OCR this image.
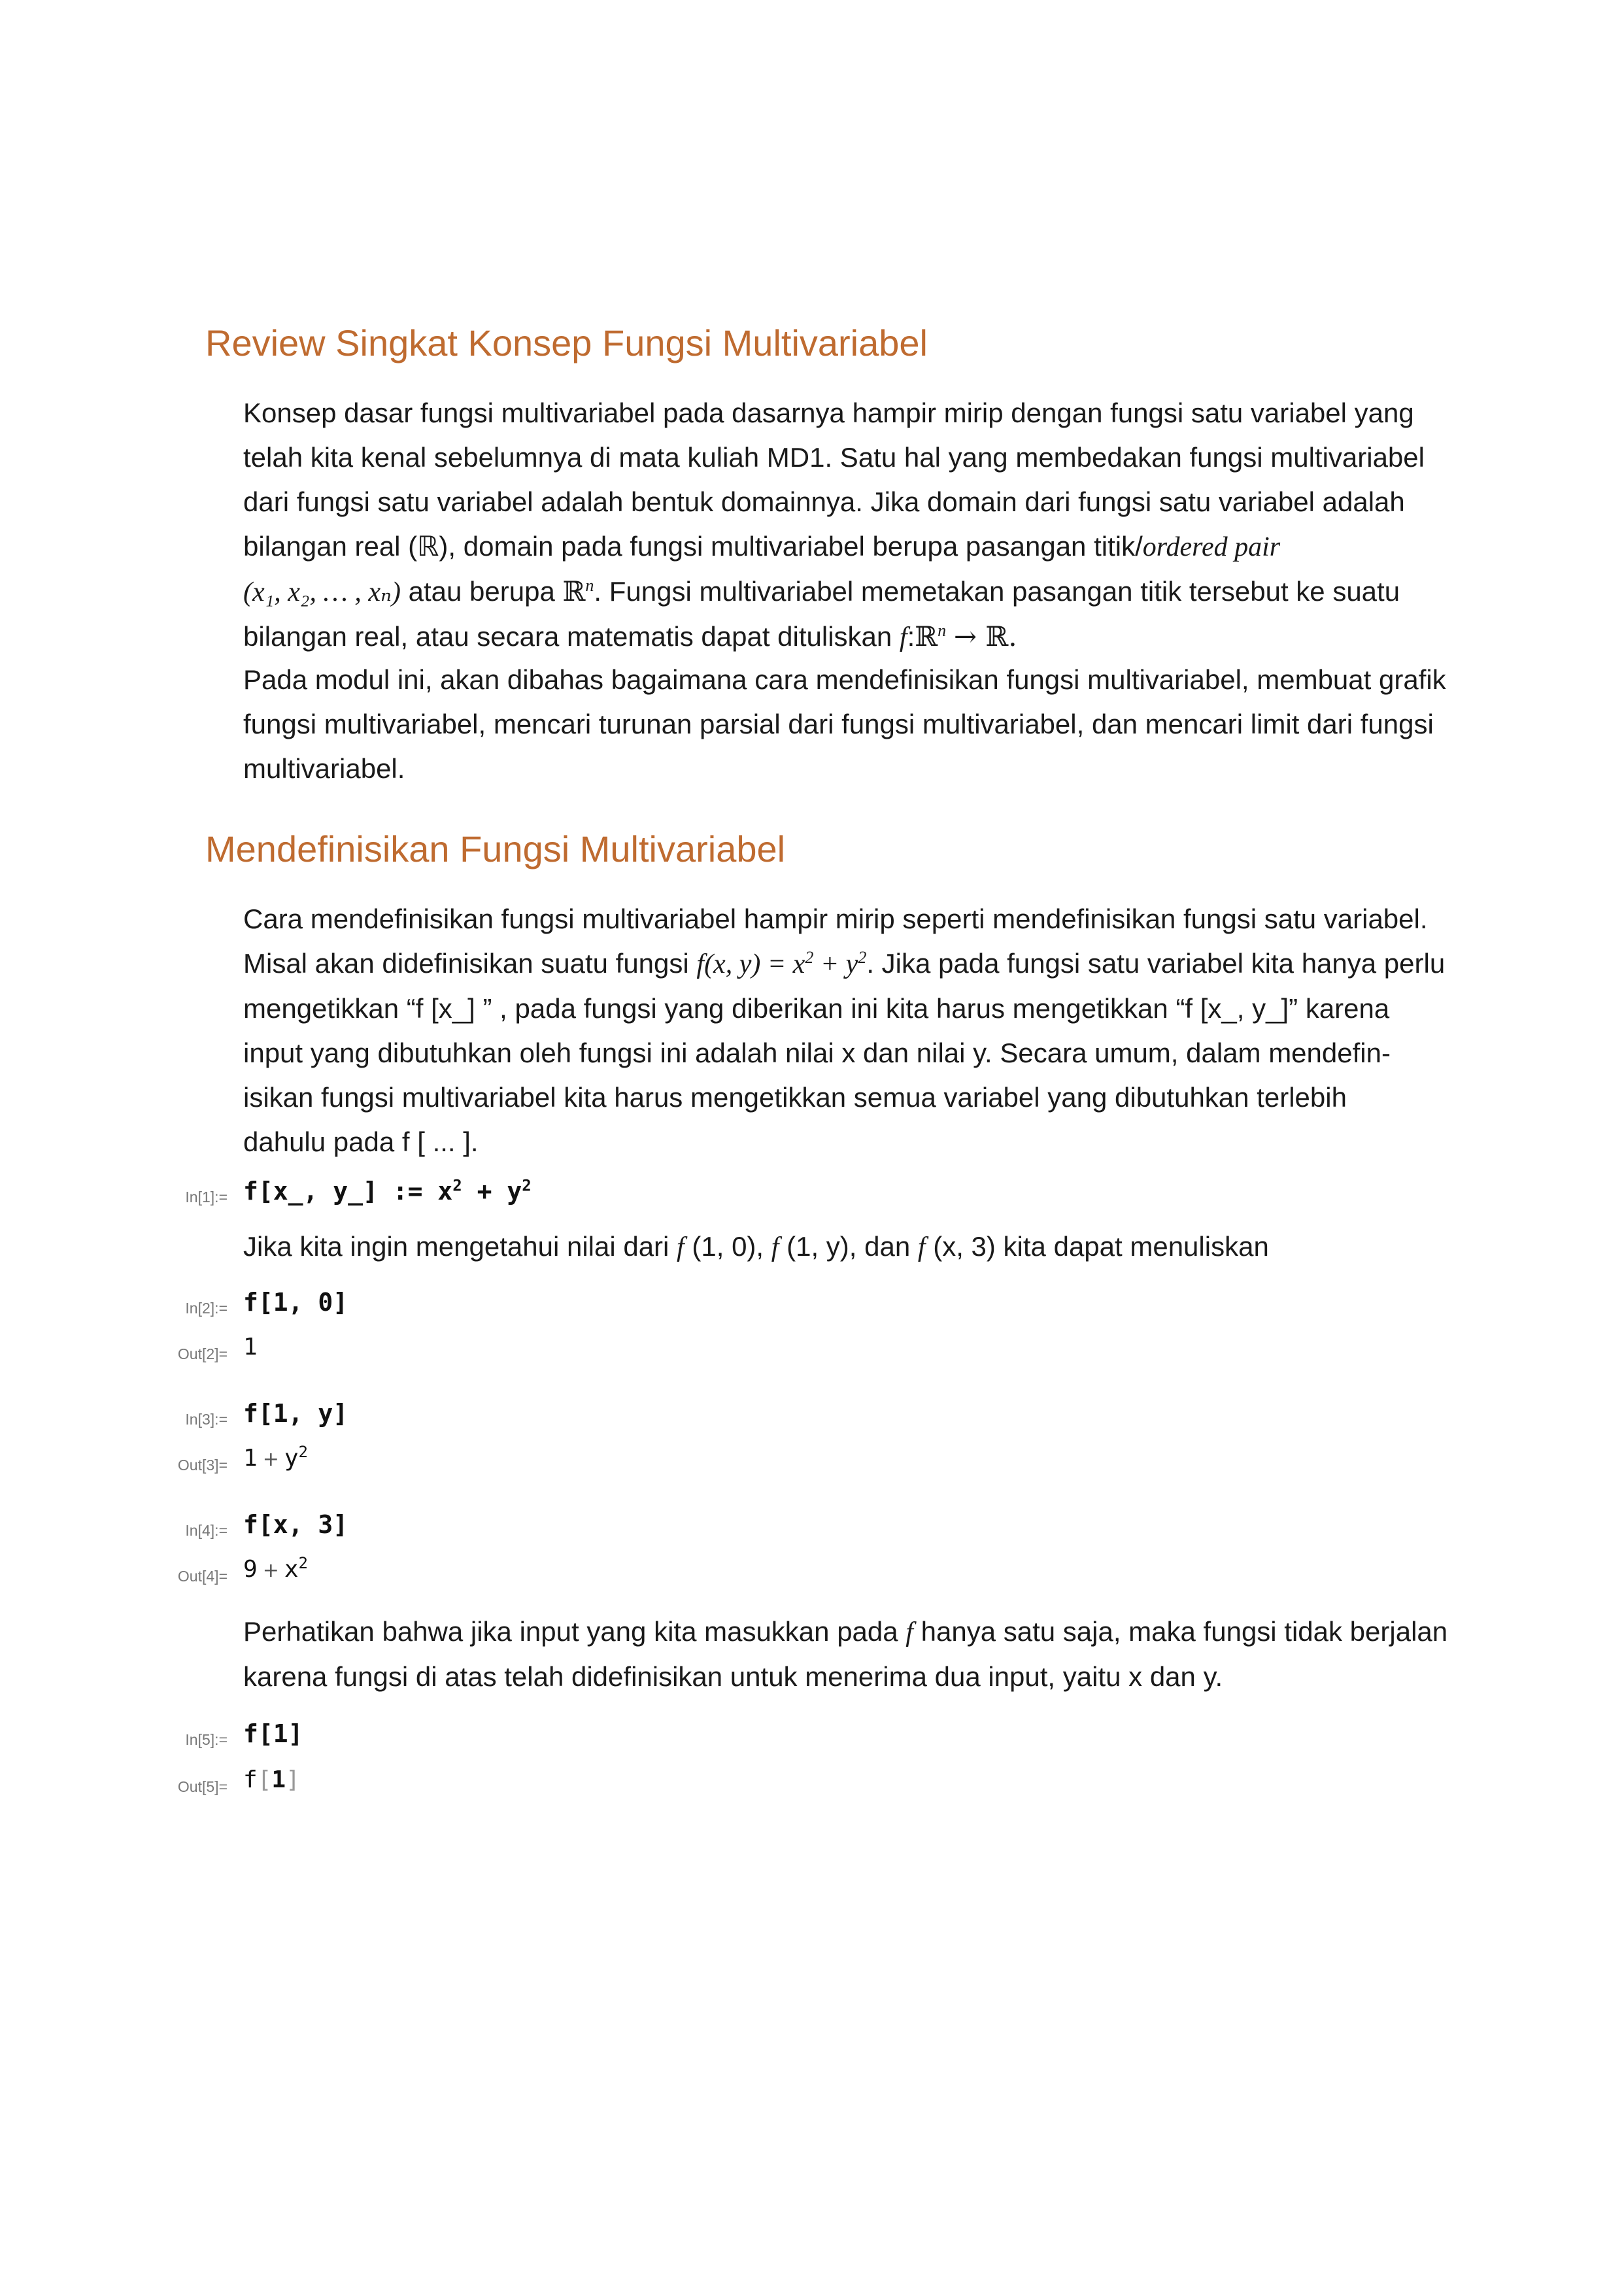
Review Singkat Konsep Fungsi Multivariabel
Konsep dasar fungsi multivariabel pada dasarnya hampir mirip dengan fungsi satu variabel yang
telah kita kenal sebelumnya di mata kuliah MD1. Satu hal yang membedakan fungsi multivariabel
dari fungsi satu variabel adalah bentuk domainnya. Jika domain dari fungsi satu variabel adalah
bilangan real (ℝ), domain pada fungsi multivariabel berupa pasangan titik/ordered pair
(x₁, x₂, … , xₙ) atau berupa ℝ$^n$. Fungsi multivariabel memetakan pasangan titik tersebut ke suatu
bilangan real, atau secara matematis dapat dituliskan f:ℝ$^n$ → ℝ.
Pada modul ini, akan dibahas bagaimana cara mendefinisikan fungsi multivariabel, membuat grafik fungsi multivariabel, mencari turunan parsial dari fungsi multivariabel, dan mencari limit dari fungsi multivariabel.
Mendefinisikan Fungsi Multivariabel
Cara mendefinisikan fungsi multivariabel hampir mirip seperti mendefinisikan fungsi satu variabel.
Misal akan didefinisikan suatu fungsi f(x, $y) = x^2 + y^2$. Jika pada fungsi satu variabel kita hanya perlu
mengetikkan “f [x_] ” , pada fungsi yang diberikan ini kita harus mengetikkan “f [x_, y_]” karena
input yang dibutuhkan oleh fungsi ini adalah nilai x dan nilai y. Secara umum, dalam mendefin-
isikan fungsi multivariabel kita harus mengetikkan semua variabel yang dibutuhkan terlebih
dahulu pada f [ ... ].
In[1]:= f[x_, y_] := $x^2 + y^2$
Jika kita ingin mengetahui nilai dari f (1, 0), f (1, y), dan f (x, 3) kita dapat menuliskan
In[2]:= f[1, 0]
Out[2]= 1
In[3]:= f[1, y]
$Out[3]= 1 + y^2$
In[4]:= f[x, 3]
$Out[4]= 9 + x^2$
Perhatikan bahwa jika input yang kita masukkan pada f hanya satu saja, maka fungsi tidak berjalan
karena fungsi di atas telah didefinisikan untuk menerima dua input, yaitu x dan y.
In[5]:= f[1]
Out[5]= f[1]
